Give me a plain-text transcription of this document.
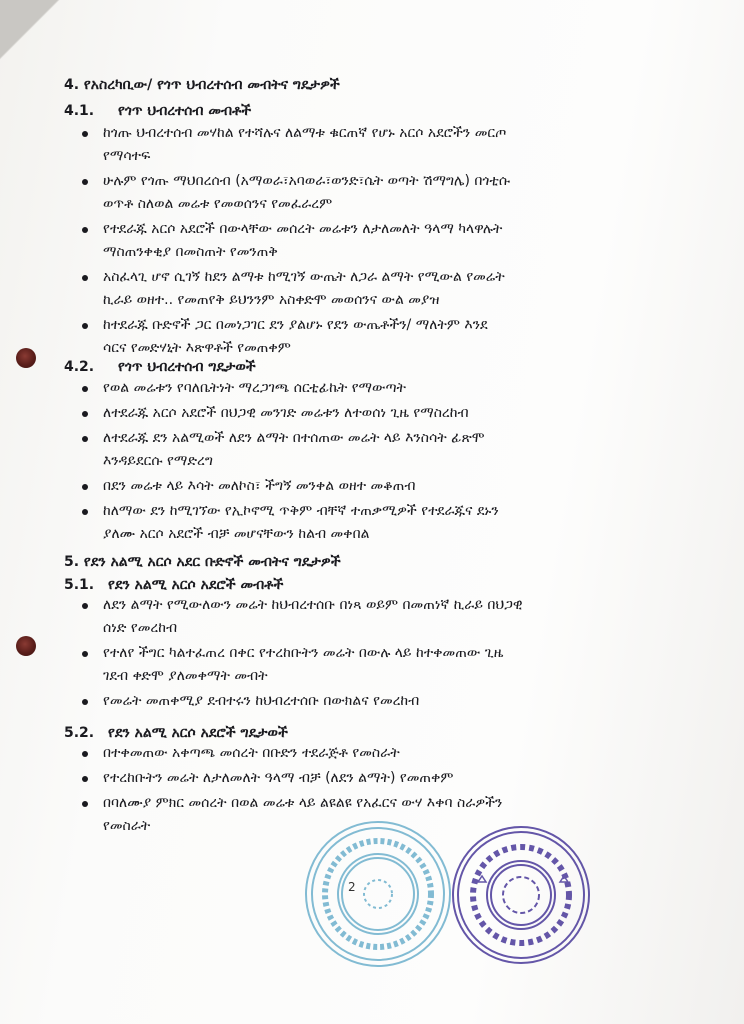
4. የአስረካቢው/ የጎጥ ህብረተሰብ መብትና ግዴታዎች
4.1. የጎጥ ህብረተሰብ መብቶች
ከጎጡ ህብረተሰብ መሃከል የተሻሉና ለልማቱ ቁርጠኛ የሆኑ አርሶ አደሮችን መርጦ
የማሳተፍ
ሁሉም የጎጡ ማህበረሰብ (አማወራ፣አባወራ፣ወንድ፣ሴት ወጣት ሽማግሌ) በጎቲሱ
ወጥቶ ስለወል መሬቱ የመወሰንና የመፈራረም
የተደራጁ አርሶ አደሮች በውላቸው መሰረት መሬቱን ለታለመለት ዓላማ ካላዋሉት
ማስጠንቀቂያ በመስጠት የመንጠቅ
አስፈላጊ ሆኖ ሲገኝ ከደን ልማቱ ከሚገኝ ውጤት ለጋራ ልማት የሚውል የመሬት
ኪራይ ወዘተ.. የመጠየቅ ይህንንም አስቀድሞ መወሰንና ውል መያዝ
ከተደራጁ ቡድኖች ጋር በመነጋገር ደን ያልሆኑ የደን ውጤቶችን/ ማለትም እንደ
ሳርና የመድሃኒት እጽዋቶች የመጠቀም
4.2. የጎጥ ህብረተሰብ ግዴታወች
የወል መሬቱን የባለቤትነት ማረጋገጫ ሰርቲፊኬት የማውጣት
ለተደራጁ አርሶ አደሮች በህጋዊ መንገድ መሬቱን ለተወሰነ ጊዜ የማስረከብ
ለተደራጁ ደን አልሚወች ለደን ልማት በተሰጠው መሬት ላይ እንስሳት ፊጽሞ
እንዳይደርሱ የማድረግ
በደን መሬቱ ላይ እሳት መለኮስ፣ ችግኝ መንቀል ወዘተ መቆጠብ
ከለማው ደን ከሚገኘው የኢኮኖሚ ጥቅም ብቸኛ ተጠቃሚዎች የተደራጁና ደኑን
ያለሙ አርሶ አደሮች ብቻ መሆናቸውን ከልብ መቀበል
5. የደን አልሚ አርሶ አደር ቡድኖች መብትና ግዴታዎች
5.1. የደን አልሚ አርሶ አደሮች መብቶች
ለደን ልማት የሚውለውን መሬት ከህብረተሰቡ በነጻ ወይም በመጠነኛ ኪራይ በህጋዊ
ሰነድ የመረከብ
የተለየ ችግር ካልተፈጠረ በቀር የተረከቡትን መሬት በውሉ ላይ ከተቀመጠው ጊዜ
ገደብ ቀድሞ ያለመቀማት መብት
የመሬት መጠቀሚያ ደብተሩን ከህብረተሰቡ በውክልና የመረከብ
5.2. የደን አልሚ አርሶ አደሮች ግዴታወች
በተቀመጠው አቀጣጫ መሰረት በቡድን ተደራጅቶ የመስራት
የተረከቡትን መሬት ለታለመለት ዓላማ ብቻ (ለደን ልማት) የመጠቀም
በባለሙያ ምክር መሰረት በወል መሬቱ ላይ ልዩልዩ የአፈርና ውሃ እቀባ ስራዎችን
የመስራት
2
